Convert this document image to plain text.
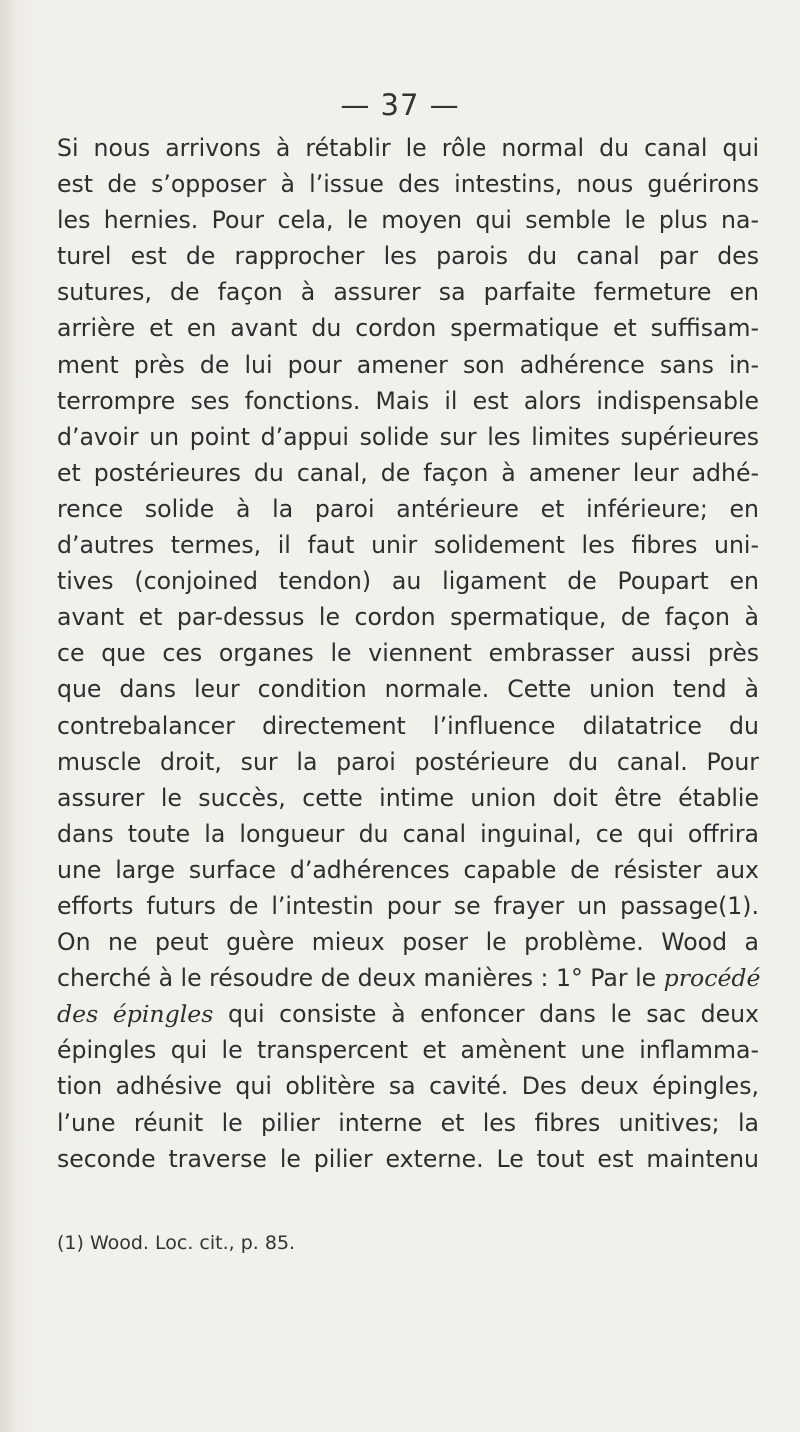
— 37 —
Si nous arrivons à rétablir le rôle normal du canal qui
est de s’opposer à l’issue des intestins, nous guérirons
les hernies. Pour cela, le moyen qui semble le plus na-
turel est de rapprocher les parois du canal par des
sutures, de façon à assurer sa parfaite fermeture en
arrière et en avant du cordon spermatique et suffisam-
ment près de lui pour amener son adhérence sans in-
terrompre ses fonctions. Mais il est alors indispensable
d’avoir un point d’appui solide sur les limites supérieures
et postérieures du canal, de façon à amener leur adhé-
rence solide à la paroi antérieure et inférieure; en
d’autres termes, il faut unir solidement les fibres uni-
tives (conjoined tendon) au ligament de Poupart en
avant et par-dessus le cordon spermatique, de façon à
ce que ces organes le viennent embrasser aussi près
que dans leur condition normale. Cette union tend à
contrebalancer directement l’influence dilatatrice du
muscle droit, sur la paroi postérieure du canal. Pour
assurer le succès, cette intime union doit être établie
dans toute la longueur du canal inguinal, ce qui offrira
une large surface d’adhérences capable de résister aux
efforts futurs de l’intestin pour se frayer un passage(1).
On ne peut guère mieux poser le problème. Wood a
cherché à le résoudre de deux manières : 1° Par le procédé
des épingles qui consiste à enfoncer dans le sac deux
épingles qui le transpercent et amènent une inflamma-
tion adhésive qui oblitère sa cavité. Des deux épingles,
l’une réunit le pilier interne et les fibres unitives; la
seconde traverse le pilier externe. Le tout est maintenu
(1) Wood. Loc. cit., p. 85.
